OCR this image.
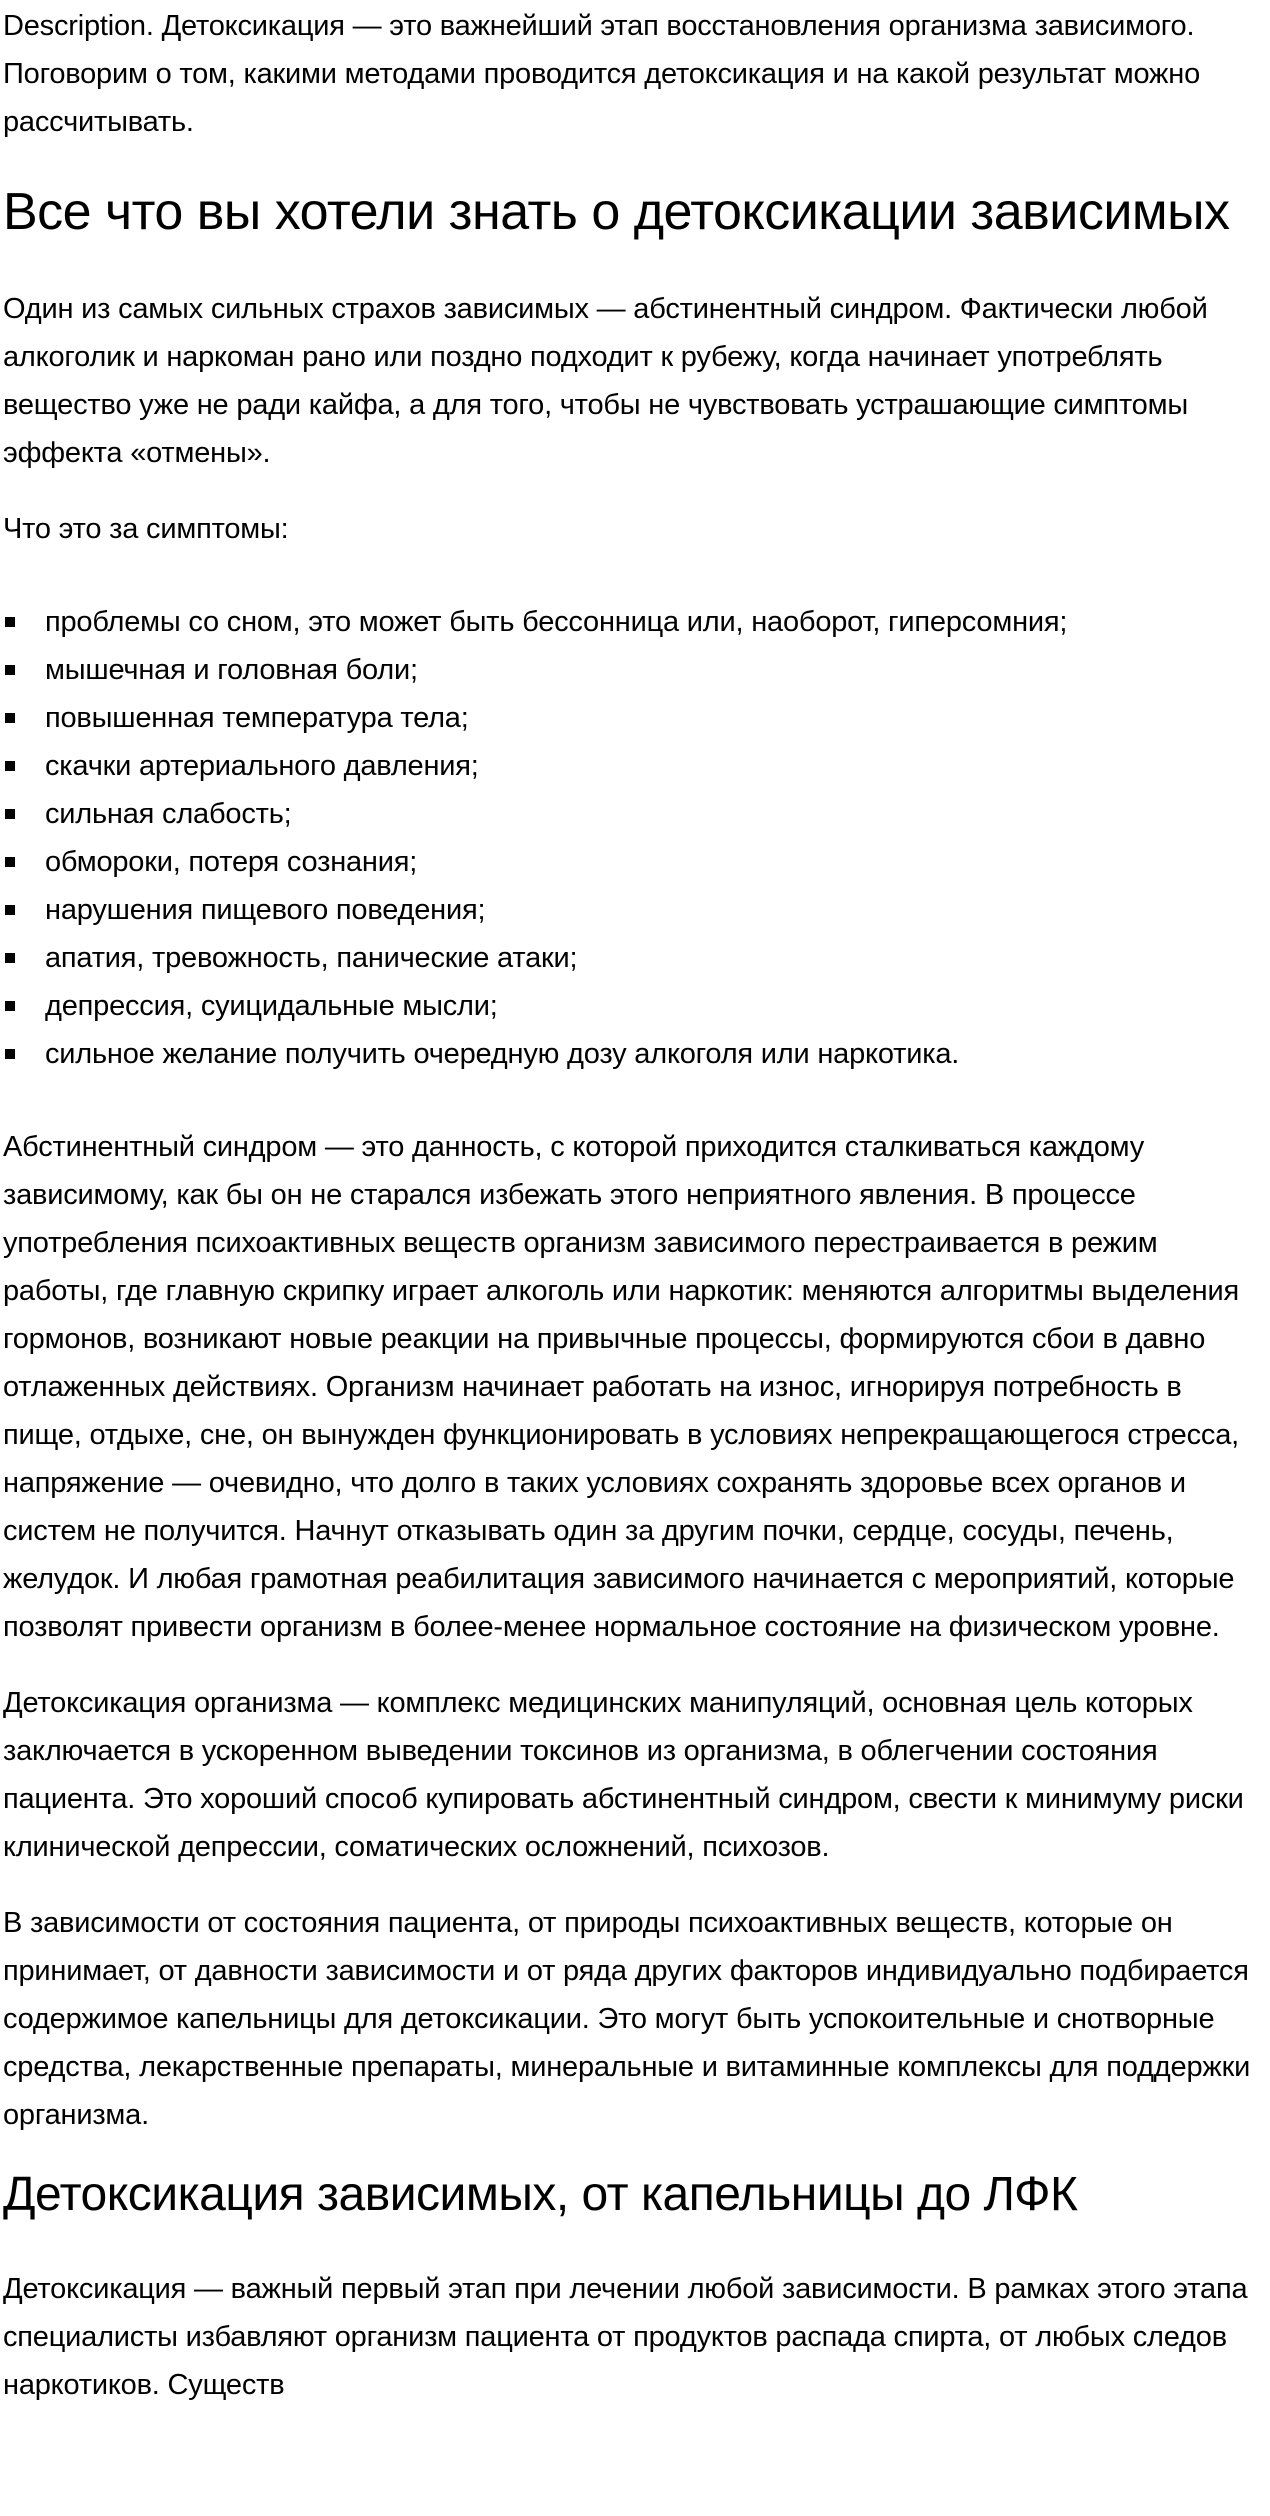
Description. Детоксикация — это важнейший этап восстановления организма зависимого. Поговорим о том, какими методами проводится детоксикация и на какой результат можно рассчитывать.

Все что вы хотели знать о детоксикации зависимых

Один из самых сильных страхов зависимых — абстинентный синдром. Фактически любой алкоголик и наркоман рано или поздно подходит к рубежу, когда начинает употреблять вещество уже не ради кайфа, а для того, чтобы не чувствовать устрашающие симптомы эффекта «отмены».

Что это за симптомы:

проблемы со сном, это может быть бессонница или, наоборот, гиперсомния;
мышечная и головная боли;
повышенная температура тела;
скачки артериального давления;
сильная слабость;
обмороки, потеря сознания;
нарушения пищевого поведения;
апатия, тревожность, панические атаки;
депрессия, суицидальные мысли;
сильное желание получить очередную дозу алкоголя или наркотика.

Абстинентный синдром — это данность, с которой приходится сталкиваться каждому зависимому, как бы он не старался избежать этого неприятного явления. В процессе употребления психоактивных веществ организм зависимого перестраивается в режим работы, где главную скрипку играет алкоголь или наркотик: меняются алгоритмы выделения гормонов, возникают новые реакции на привычные процессы, формируются сбои в давно отлаженных действиях. Организм начинает работать на износ, игнорируя потребность в пище, отдыхе, сне, он вынужден функционировать в условиях непрекращающегося стресса, напряжение — очевидно, что долго в таких условиях сохранять здоровье всех органов и систем не получится. Начнут отказывать один за другим почки, сердце, сосуды, печень, желудок. И любая грамотная реабилитация зависимого начинается с мероприятий, которые позволят привести организм в более-менее нормальное состояние на физическом уровне.

Детоксикация организма — комплекс медицинских манипуляций, основная цель которых заключается в ускоренном выведении токсинов из организма, в облегчении состояния пациента. Это хороший способ купировать абстинентный синдром, свести к минимуму риски клинической депрессии, соматических осложнений, психозов.

В зависимости от состояния пациента, от природы психоактивных веществ, которые он принимает, от давности зависимости и от ряда других факторов индивидуально подбирается содержимое капельницы для детоксикации. Это могут быть успокоительные и снотворные средства, лекарственные препараты, минеральные и витаминные комплексы для поддержки организма.

Детоксикация зависимых, от капельницы до ЛФК

Детоксикация — важный первый этап при лечении любой зависимости. В рамках этого этапа специалисты избавляют организм пациента от продуктов распада спирта, от любых следов наркотиков. Существ
